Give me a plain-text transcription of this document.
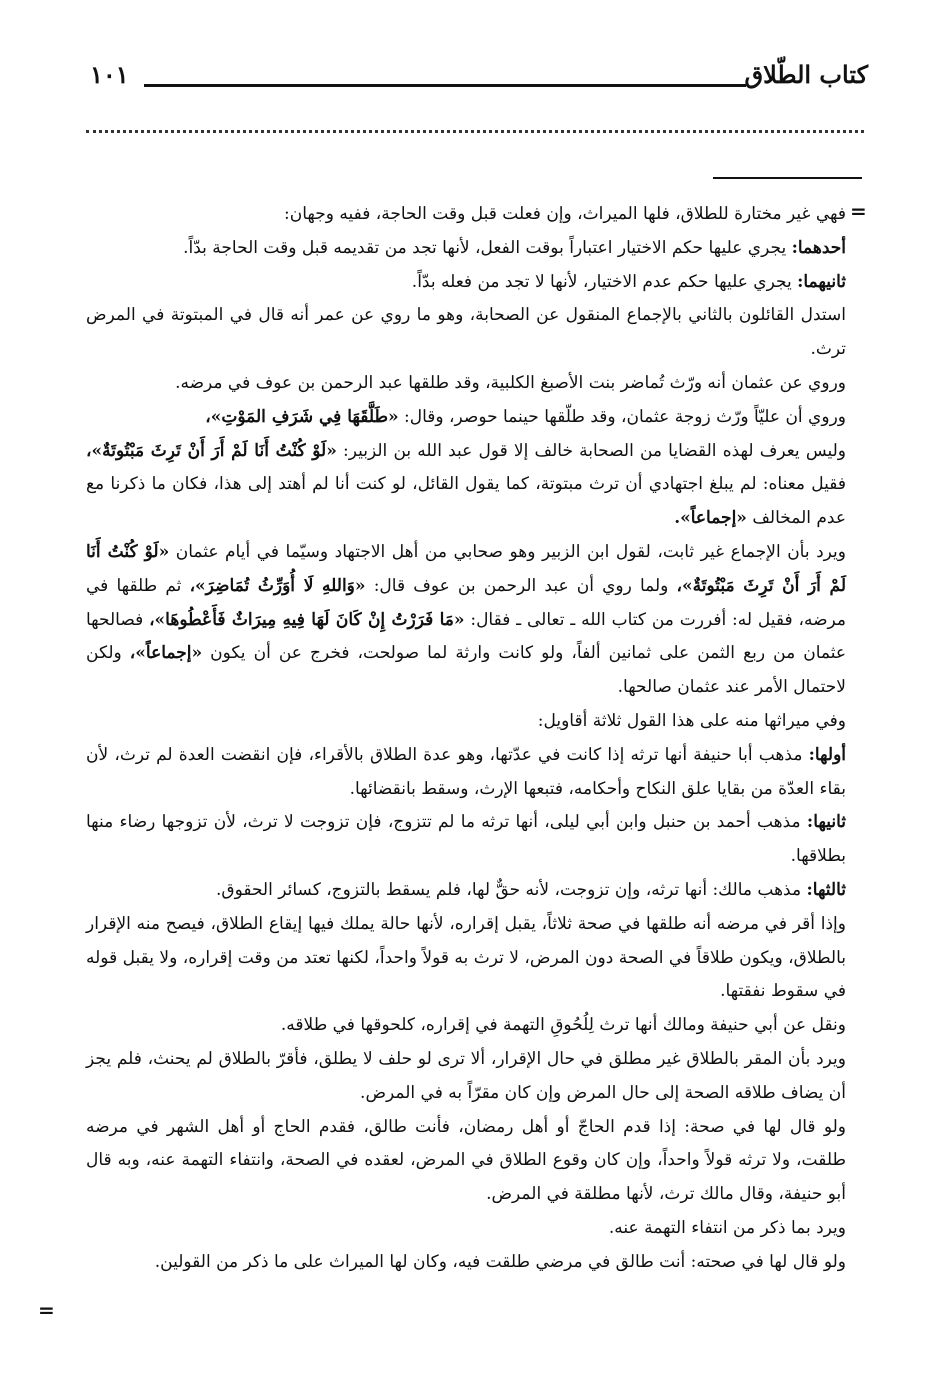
كتاب الطّلاق
١٠١
=
=

فهي غير مختارة للطلاق، فلها الميراث، وإن فعلت قبل وقت الحاجة، ففيه وجهان:

أحدهما: يجري عليها حكم الاختيار اعتباراً بوقت الفعل، لأنها تجد من تقديمه قبل وقت الحاجة بدّاً.

ثانيهما: يجري عليها حكم عدم الاختيار، لأنها لا تجد من فعله بدّاً.

استدل القائلون بالثاني بالإجماع المنقول عن الصحابة، وهو ما روي عن عمر أنه قال في المبتوتة في المرض ترث.

وروي عن عثمان أنه ورّث تُماضر بنت الأصبغ الكلبية، وقد طلقها عبد الرحمن بن عوف في مرضه.

وروي أن عليّاً ورّث زوجة عثمان، وقد طلّقها حينما حوصر، وقال: «طَلَّقَهَا فِي شَرَفِ المَوْتِ»،

وليس يعرف لهذه القضايا من الصحابة خالف إلا قول عبد الله بن الزبير: «لَوْ كُنْتُ أَنَا لَمْ أَرَ أَنْ تَرِثَ مَبْتُوتَةٌ»، فقيل معناه: لم يبلغ اجتهادي أن ترث مبتوتة، كما يقول القائل، لو كنت أنا لم أهتد إلى هذا، فكان ما ذكرنا مع عدم المخالف «إجماعاً».

ويرد بأن الإجماع غير ثابت، لقول ابن الزبير وهو صحابي من أهل الاجتهاد وسيّما في أيام عثمان «لَوْ كُنْتُ أَنَا لَمْ أَرَ أَنْ تَرِثَ مَبْتُوتَةٌ»، ولما روي أن عبد الرحمن بن عوف قال: «وَاللهِ لَا أُوَرِّثُ تُمَاضِرَ»، ثم طلقها في مرضه، فقيل له: أفررت من كتاب الله ـ تعالى ـ فقال: «مَا فَرَرْتُ إِنْ كَانَ لَهَا فِيهِ مِيرَاثٌ فَأَعْطُوهَا»، فصالحها عثمان من ربع الثمن على ثمانين ألفاً، ولو كانت وارثة لما صولحت، فخرج عن أن يكون «إجماعاً»، ولكن لاحتمال الأمر عند عثمان صالحها.

وفي ميراثها منه على هذا القول ثلاثة أقاويل:

أولها: مذهب أبا حنيفة أنها ترثه إذا كانت في عدّتها، وهو عدة الطلاق بالأقراء، فإن انقضت العدة لم ترث، لأن بقاء العدّة من بقايا علق النكاح وأحكامه، فتبعها الإرث، وسقط بانقضائها.

ثانيها: مذهب أحمد بن حنبل وابن أبي ليلى، أنها ترثه ما لم تتزوج، فإن تزوجت لا ترث، لأن تزوجها رضاء منها بطلاقها.

ثالثها: مذهب مالك: أنها ترثه، وإن تزوجت، لأنه حقٌّ لها، فلم يسقط بالتزوج، كسائر الحقوق.

وإذا أقر في مرضه أنه طلقها في صحة ثلاثاً، يقبل إقراره، لأنها حالة يملك فيها إيقاع الطلاق، فيصح منه الإقرار بالطلاق، ويكون طلاقاً في الصحة دون المرض، لا ترث به قولاً واحداً، لكنها تعتد من وقت إقراره، ولا يقبل قوله في سقوط نفقتها.

ونقل عن أبي حنيفة ومالك أنها ترث لِلُحُوقِ التهمة في إقراره، كلحوقها في طلاقه.

ويرد بأن المقر بالطلاق غير مطلق في حال الإقرار، ألا ترى لو حلف لا يطلق، فأقرّ بالطلاق لم يحنث، فلم يجز أن يضاف طلاقه الصحة إلى حال المرض وإن كان مقرّاً به في المرض.

ولو قال لها في صحة: إذا قدم الحاجّ أو أهل رمضان، فأنت طالق، فقدم الحاج أو أهل الشهر في مرضه طلقت، ولا ترثه قولاً واحداً، وإن كان وقوع الطلاق في المرض، لعقده في الصحة، وانتفاء التهمة عنه، وبه قال أبو حنيفة، وقال مالك ترث، لأنها مطلقة في المرض.

ويرد بما ذكر من انتفاء التهمة عنه.

ولو قال لها في صحته: أنت طالق في مرضي طلقت فيه، وكان لها الميراث على ما ذكر من القولين.
